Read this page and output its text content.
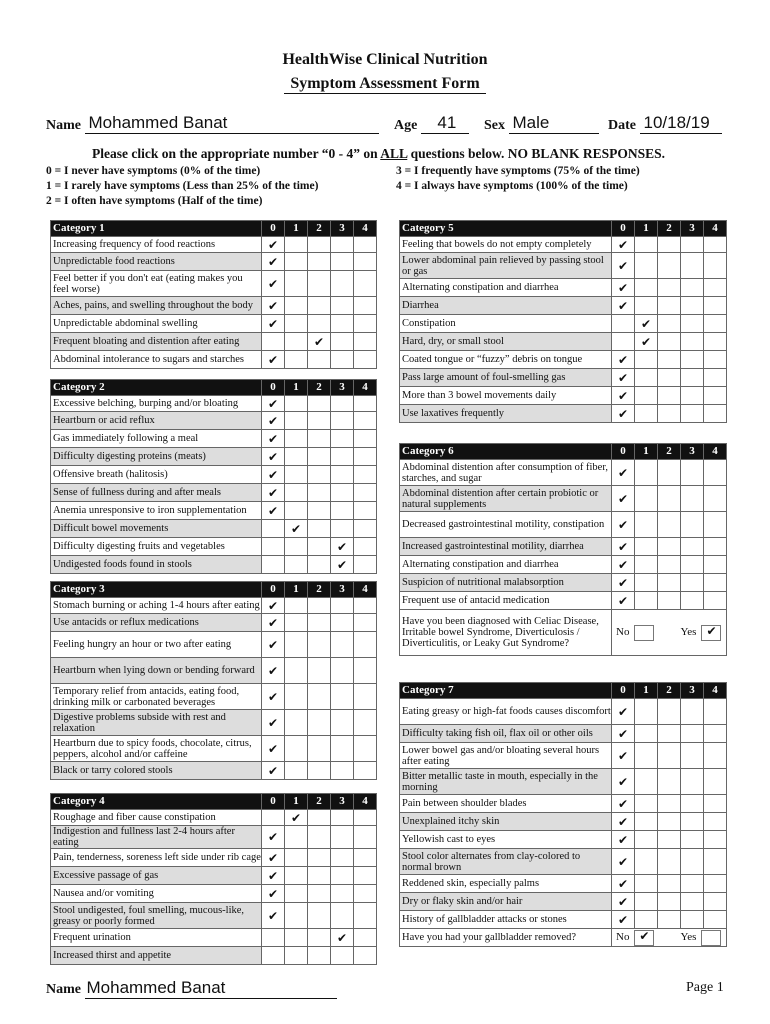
HealthWise Clinical Nutrition
Symptom Assessment Form
Name Mohammed Banat	Age 41	Sex Male	Date 10/18/19
Please click on the appropriate number “0 - 4” on ALL questions below. NO BLANK RESPONSES.
0 = I never have symptoms (0% of the time)
1 = I rarely have symptoms (Less than 25% of the time)
2 = I often have symptoms (Half of the time)
3 = I frequently have symptoms (75% of the time)
4 = I always have symptoms (100% of the time)
Category 1	0	1	2	3	4
Increasing frequency of food reactions	✔				
Unpredictable food reactions	✔				
Feel better if you don't eat (eating makes you feel worse)	✔				
Aches, pains, and swelling throughout the body	✔				
Unpredictable abdominal swelling	✔				
Frequent bloating and distention after eating			✔		
Abdominal intolerance to sugars and starches	✔				
Category 2	0	1	2	3	4
Excessive belching, burping and/or bloating	✔				
Heartburn or acid reflux	✔				
Gas immediately following a meal	✔				
Difficulty digesting proteins (meats)	✔				
Offensive breath (halitosis)	✔				
Sense of fullness during and after meals	✔				
Anemia unresponsive to iron supplementation	✔				
Difficult bowel movements		✔			
Difficulty digesting fruits and vegetables				✔	
Undigested foods found in stools				✔	
Category 3	0	1	2	3	4
Stomach burning or aching 1-4 hours after eating	✔				
Use antacids or reflux medications	✔				
Feeling hungry an hour or two after eating	✔				
Heartburn when lying down or bending forward	✔				
Temporary relief from antacids, eating food, drinking milk or carbonated beverages	✔				
Digestive problems subside with rest and relaxation	✔				
Heartburn due to spicy foods, chocolate, citrus, peppers, alcohol and/or caffeine	✔				
Black or tarry colored stools	✔				
Category 4	0	1	2	3	4
Roughage and fiber cause constipation		✔			
Indigestion and fullness last 2-4 hours after eating	✔				
Pain, tenderness, soreness left side under rib cage	✔				
Excessive passage of gas	✔				
Nausea and/or vomiting	✔				
Stool undigested, foul smelling, mucous-like, greasy or poorly formed	✔				
Frequent urination				✔	
Increased thirst and appetite					
Category 5	0	1	2	3	4
Feeling that bowels do not empty completely	✔				
Lower abdominal pain relieved by passing stool or gas	✔				
Alternating constipation and diarrhea	✔				
Diarrhea	✔				
Constipation		✔			
Hard, dry, or small stool		✔			
Coated tongue or “fuzzy” debris on tongue	✔				
Pass large amount of foul-smelling gas	✔				
More than 3 bowel movements daily	✔				
Use laxatives frequently	✔				
Category 6	0	1	2	3	4
Abdominal distention after consumption of fiber, starches, and sugar	✔				
Abdominal distention after certain probiotic or natural supplements	✔				
Decreased gastrointestinal motility, constipation	✔				
Increased gastrointestinal motility, diarrhea	✔				
Alternating constipation and diarrhea	✔				
Suspicion of nutritional malabsorption	✔				
Frequent use of antacid medication	✔				
Have you been diagnosed with Celiac Disease, Irritable bowel Syndrome, Diverticulosis / Diverticulitis, or Leaky Gut Syndrome?	No Yes ✔				
Category 7	0	1	2	3	4
Eating greasy or high-fat foods causes discomfort	✔				
Difficulty taking fish oil, flax oil or other oils	✔				
Lower bowel gas and/or bloating several hours after eating	✔				
Bitter metallic taste in mouth, especially in the morning	✔				
Pain between shoulder blades	✔				
Unexplained itchy skin	✔				
Yellowish cast to eyes	✔				
Stool color alternates from clay-colored to normal brown	✔				
Reddened skin, especially palms	✔				
Dry or flaky skin and/or hair	✔				
History of gallbladder attacks or stones	✔				
Have you had your gallbladder removed?	No ✔ Yes				
Name Mohammed Banat	Page 1
